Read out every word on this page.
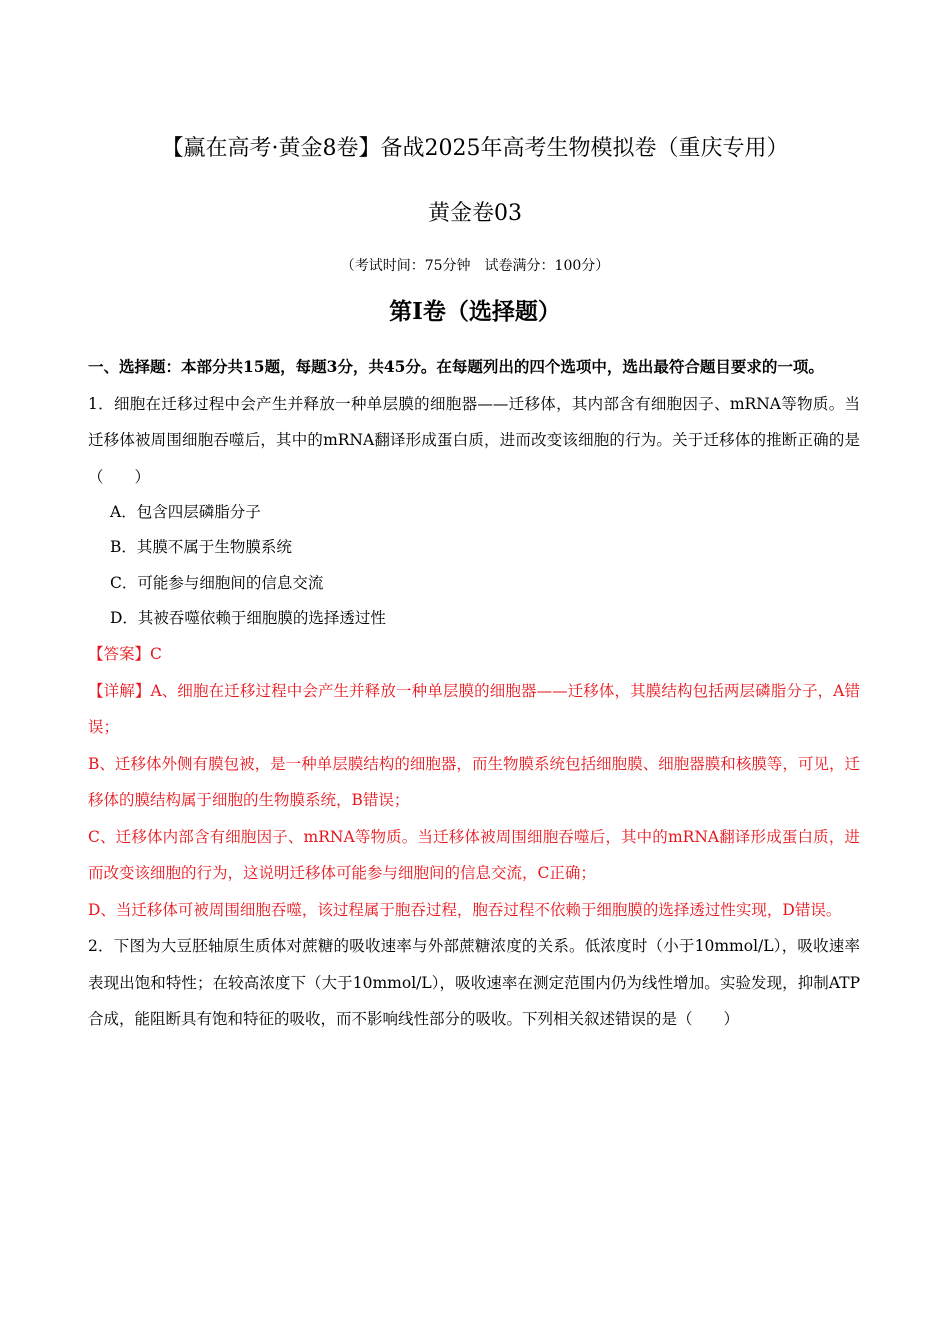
【赢在高考·黄金8卷】备战2025年高考生物模拟卷（重庆专用）
黄金卷03
（考试时间：75分钟　试卷满分：100分）
第I卷（选择题）

一、选择题：本部分共15题，每题3分，共45分。在每题列出的四个选项中，选出最符合题目要求的一项。

1．细胞在迁移过程中会产生并释放一种单层膜的细胞器——迁移体，其内部含有细胞因子、mRNA等物质。当迁移体被周围细胞吞噬后，其中的mRNA翻译形成蛋白质，进而改变该细胞的行为。关于迁移体的推断正确的是（　　）

A．包含四层磷脂分子

B．其膜不属于生物膜系统

C．可能参与细胞间的信息交流

D．其被吞噬依赖于细胞膜的选择透过性

【答案】C

【详解】A、细胞在迁移过程中会产生并释放一种单层膜的细胞器——迁移体，其膜结构包括两层磷脂分子，A错误；

B、迁移体外侧有膜包被，是一种单层膜结构的细胞器，而生物膜系统包括细胞膜、细胞器膜和核膜等，可见，迁移体的膜结构属于细胞的生物膜系统，B错误；

C、迁移体内部含有细胞因子、mRNA等物质。当迁移体被周围细胞吞噬后，其中的mRNA翻译形成蛋白质，进而改变该细胞的行为，这说明迁移体可能参与细胞间的信息交流，C正确；

D、当迁移体可被周围细胞吞噬，该过程属于胞吞过程，胞吞过程不依赖于细胞膜的选择透过性实现，D错误。

2．下图为大豆胚轴原生质体对蔗糖的吸收速率与外部蔗糖浓度的关系。低浓度时（小于10mmol/L），吸收速率表现出饱和特性；在较高浓度下（大于10mmol/L），吸收速率在测定范围内仍为线性增加。实验发现，抑制ATP合成，能阻断具有饱和特征的吸收，而不影响线性部分的吸收。下列相关叙述错误的是（　　）
